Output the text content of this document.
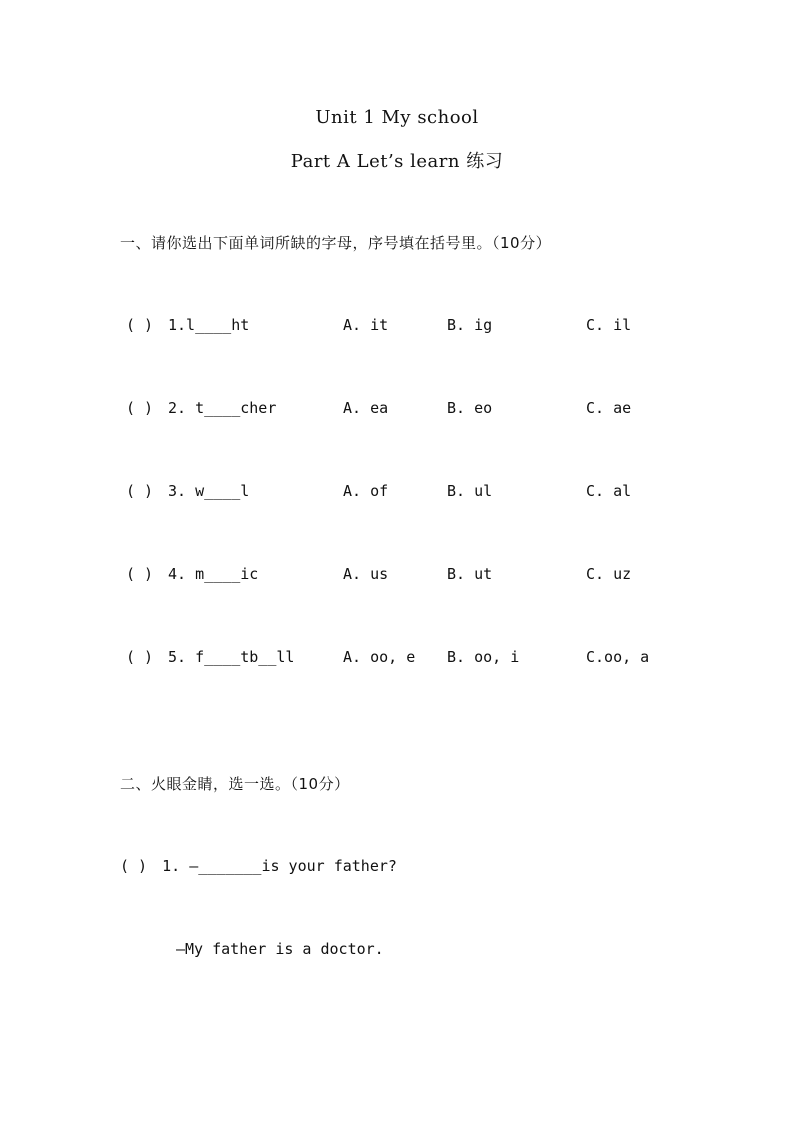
Unit 1 My school
Part A Let’s learn 练习
一、请你选出下面单词所缺的字母，序号填在括号里。（10分）
( ) 1.l____ht	A. it	B. ig	C. il
( ) 2. t____cher	A. ea	B. eo	C. ae
( ) 3. w____l	A. of	B. ul	C. al
( ) 4. m____ic	A. us	B. ut	C. uz
( ) 5. f____tb__ll	A. oo, e B. oo, i	C.oo, a
二、火眼金睛，选一选。（10分）
( ) 1. —_______is your father?
—My father is a doctor.
